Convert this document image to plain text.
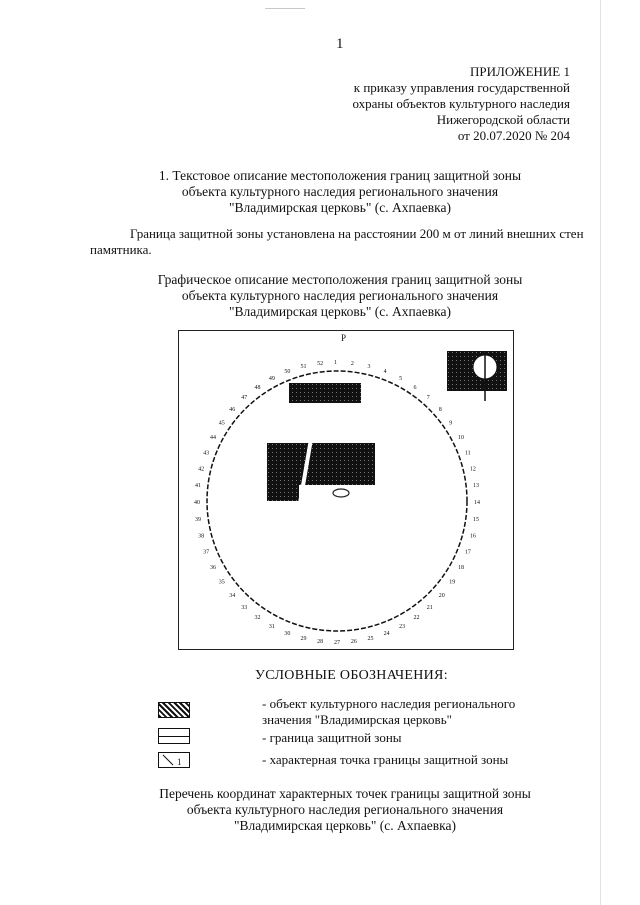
1
ПРИЛОЖЕНИЕ 1
к приказу управления государственной
охраны объектов культурного наследия
Нижегородской области
от 20.07.2020 № 204
1. Текстовое описание местоположения границ защитной зоны
объекта культурного наследия регионального значения
"Владимирская церковь" (с. Ахпаевка)
Граница защитной зоны установлена на расстоянии 200 м от линий внешних стен
памятника.
Графическое описание местоположения границ защитной зоны
объекта культурного наследия регионального значения
"Владимирская церковь" (с. Ахпаевка)
P
1 2
3
4
5
6
7
8
9
10
11
12
13
14
15
16
17
18
19
20
21
22
23
24
25
26
27
28
29
30
31
32
33
34
35
36
37
38
39
40
41
42
43
44
45
46
47
48
49
50
51
52
УСЛОВНЫЕ ОБОЗНАЧЕНИЯ:
- объект культурного наследия регионального
значения "Владимирская церковь"
- граница защитной зоны
1	- характерная точка границы защитной зоны
Перечень координат характерных точек границы защитной зоны
объекта культурного наследия регионального значения
"Владимирская церковь" (с. Ахпаевка)
